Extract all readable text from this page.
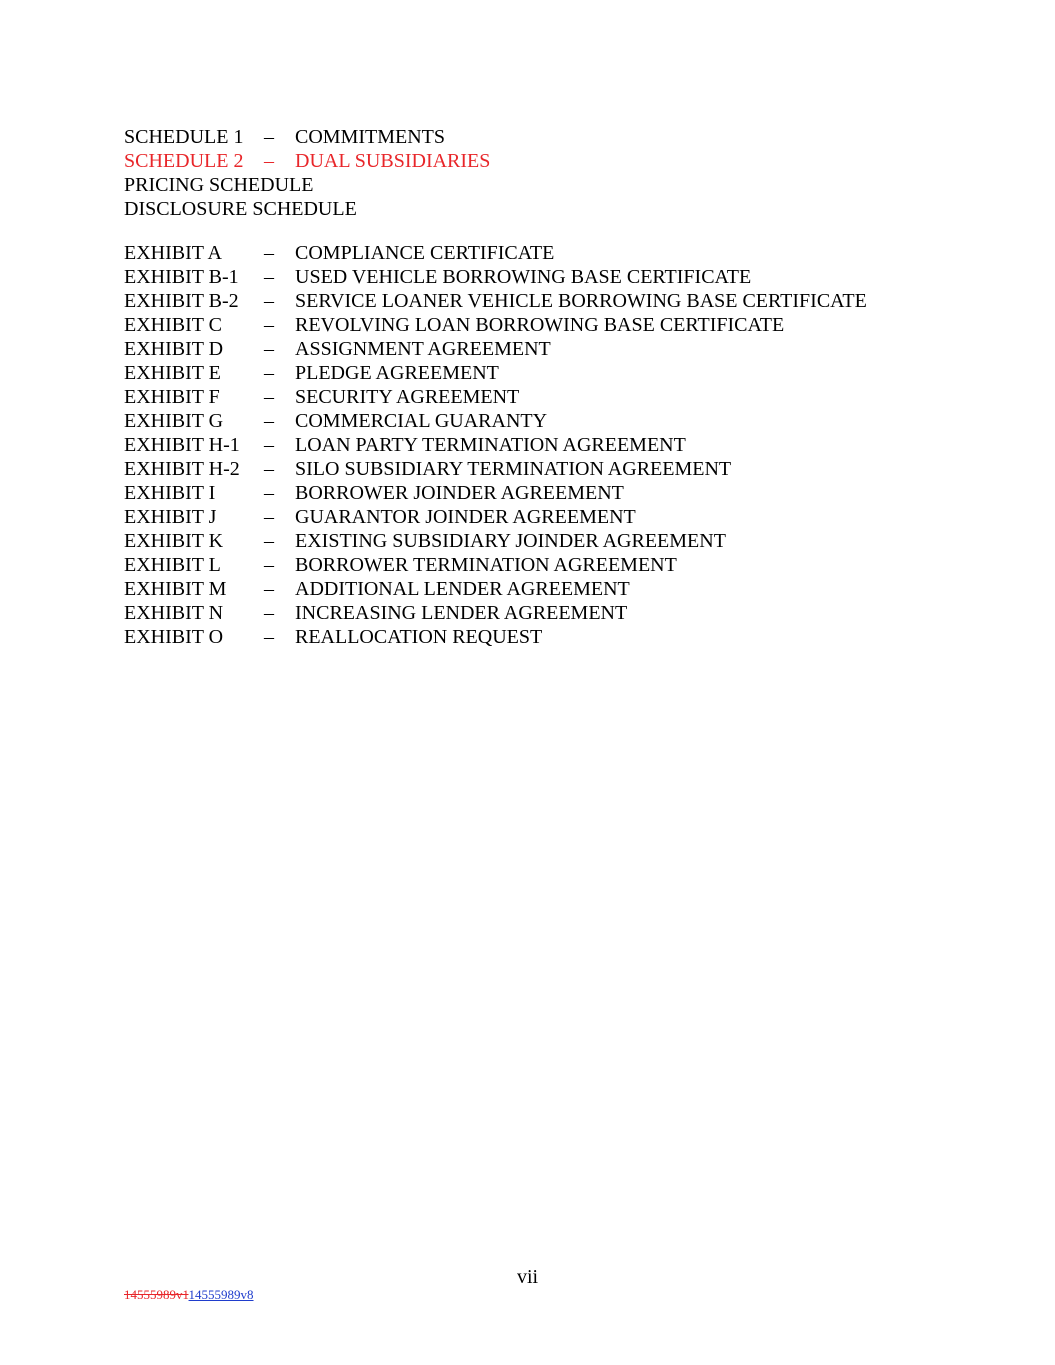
SCHEDULE 1 – COMMITMENTS
SCHEDULE 2 – DUAL SUBSIDIARIES
PRICING SCHEDULE
DISCLOSURE SCHEDULE
EXHIBIT A – COMPLIANCE CERTIFICATE
EXHIBIT B-1 – USED VEHICLE BORROWING BASE CERTIFICATE
EXHIBIT B-2 – SERVICE LOANER VEHICLE BORROWING BASE CERTIFICATE
EXHIBIT C – REVOLVING LOAN BORROWING BASE CERTIFICATE
EXHIBIT D – ASSIGNMENT AGREEMENT
EXHIBIT E – PLEDGE AGREEMENT
EXHIBIT F – SECURITY AGREEMENT
EXHIBIT G – COMMERCIAL GUARANTY
EXHIBIT H-1 – LOAN PARTY TERMINATION AGREEMENT
EXHIBIT H-2 – SILO SUBSIDIARY TERMINATION AGREEMENT
EXHIBIT I – BORROWER JOINDER AGREEMENT
EXHIBIT J – GUARANTOR JOINDER AGREEMENT
EXHIBIT K – EXISTING SUBSIDIARY JOINDER AGREEMENT
EXHIBIT L – BORROWER TERMINATION AGREEMENT
EXHIBIT M – ADDITIONAL LENDER AGREEMENT
EXHIBIT N – INCREASING LENDER AGREEMENT
EXHIBIT O – REALLOCATION REQUEST
vii
14555989v114555989v8
